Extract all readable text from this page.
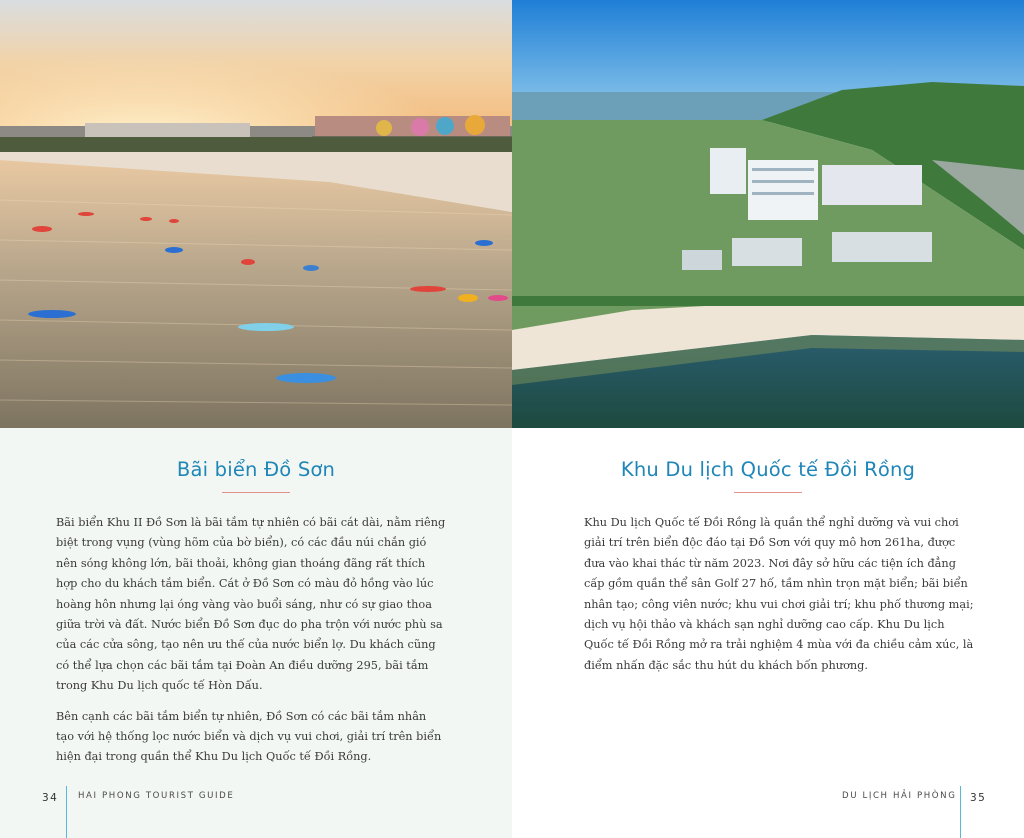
Bãi biển Đồ Sơn

Bãi biển Khu II Đồ Sơn là bãi tắm tự nhiên có bãi cát dài, nằm riêng biệt trong vụng (vùng hõm của bờ biển), có các đầu núi chắn gió nên sóng không lớn, bãi thoải, không gian thoáng đãng rất thích hợp cho du khách tắm biển. Cát ở Đồ Sơn có màu đỏ hồng vào lúc hoàng hôn nhưng lại óng vàng vào buổi sáng, như có sự giao thoa giữa trời và đất. Nước biển Đồ Sơn đục do pha trộn với nước phù sa của các cửa sông, tạo nên ưu thế của nước biển lợ. Du khách cũng có thể lựa chọn các bãi tắm tại Đoàn An điều dưỡng 295, bãi tắm trong Khu Du lịch quốc tế Hòn Dấu.

Bên cạnh các bãi tắm biển tự nhiên, Đồ Sơn có các bãi tắm nhân tạo với hệ thống lọc nước biển và dịch vụ vui chơi, giải trí trên biển hiện đại trong quần thể Khu Du lịch Quốc tế Đồi Rồng.

34 HAI PHONG TOURIST GUIDE
Khu Du lịch Quốc tế Đồi Rồng

Khu Du lịch Quốc tế Đồi Rồng là quần thể nghỉ dưỡng và vui chơi giải trí trên biển độc đáo tại Đồ Sơn với quy mô hơn 261ha, được đưa vào khai thác từ năm 2023. Nơi đây sở hữu các tiện ích đẳng cấp gồm quần thể sân Golf 27 hố, tầm nhìn trọn mặt biển; bãi biển nhân tạo; công viên nước; khu vui chơi giải trí; khu phố thương mại; dịch vụ hội thảo và khách sạn nghỉ dưỡng cao cấp. Khu Du lịch Quốc tế Đồi Rồng mở ra trải nghiệm 4 mùa với đa chiều cảm xúc, là điểm nhấn đặc sắc thu hút du khách bốn phương.

DU LỊCH HẢI PHÒNG 35
